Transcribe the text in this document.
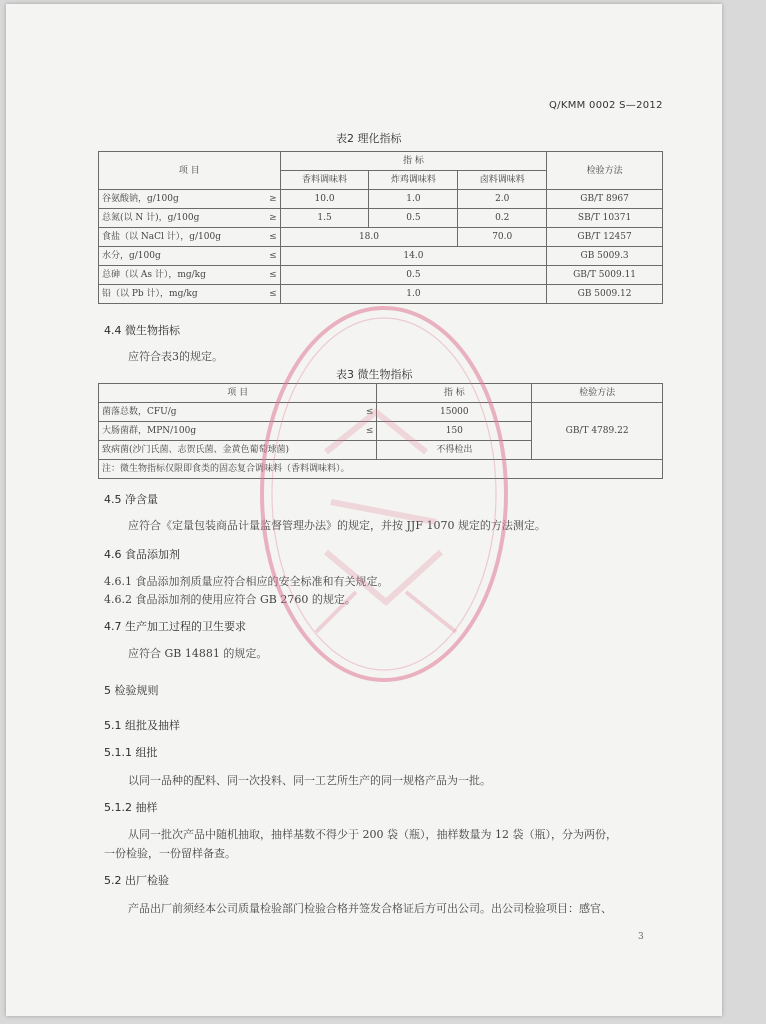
Q/KMM 0002 S—2012
表2 理化指标
项 目	指 标			检验方法
	香料调味料	炸鸡调味料	卤料调味料	
谷氨酸钠，g/100g ≥	10.0	1.0	2.0	GB/T 8967
总氮(以 N 计)，g/100g ≥	1.5	0.5	0.2	SB/T 10371
食盐（以 NaCl 计），g/100g ≤	18.0		70.0	GB/T 12457
水分，g/100g ≤	14.0			GB 5009.3
总砷（以 As 计），mg/kg ≤	0.5			GB/T 5009.11
铅（以 Pb 计），mg/kg ≤	1.0			GB 5009.12
4.4 微生物指标
应符合表3的规定。
表3 微生物指标
项 目	指 标	检验方法
菌落总数，CFU/g ≤	15000	GB/T 4789.22
大肠菌群，MPN/100g ≤	150	
致病菌(沙门氏菌、志贺氏菌、金黄色葡萄球菌)	不得检出	
注：微生物指标仅限即食类的固态复合调味料（香料调味料）。		
4.5 净含量
应符合《定量包装商品计量监督管理办法》的规定，并按 JJF 1070 规定的方法测定。
4.6 食品添加剂
4.6.1 食品添加剂质量应符合相应的安全标准和有关规定。
4.6.2 食品添加剂的使用应符合 GB 2760 的规定。
4.7 生产加工过程的卫生要求
应符合 GB 14881 的规定。
5 检验规则
5.1 组批及抽样
5.1.1 组批
以同一品种的配料、同一次投料、同一工艺所生产的同一规格产品为一批。
5.1.2 抽样
从同一批次产品中随机抽取，抽样基数不得少于 200 袋（瓶），抽样数量为 12 袋（瓶），分为两份，
一份检验，一份留样备查。
5.2 出厂检验
产品出厂前须经本公司质量检验部门检验合格并签发合格证后方可出公司。出公司检验项目：感官、
3
